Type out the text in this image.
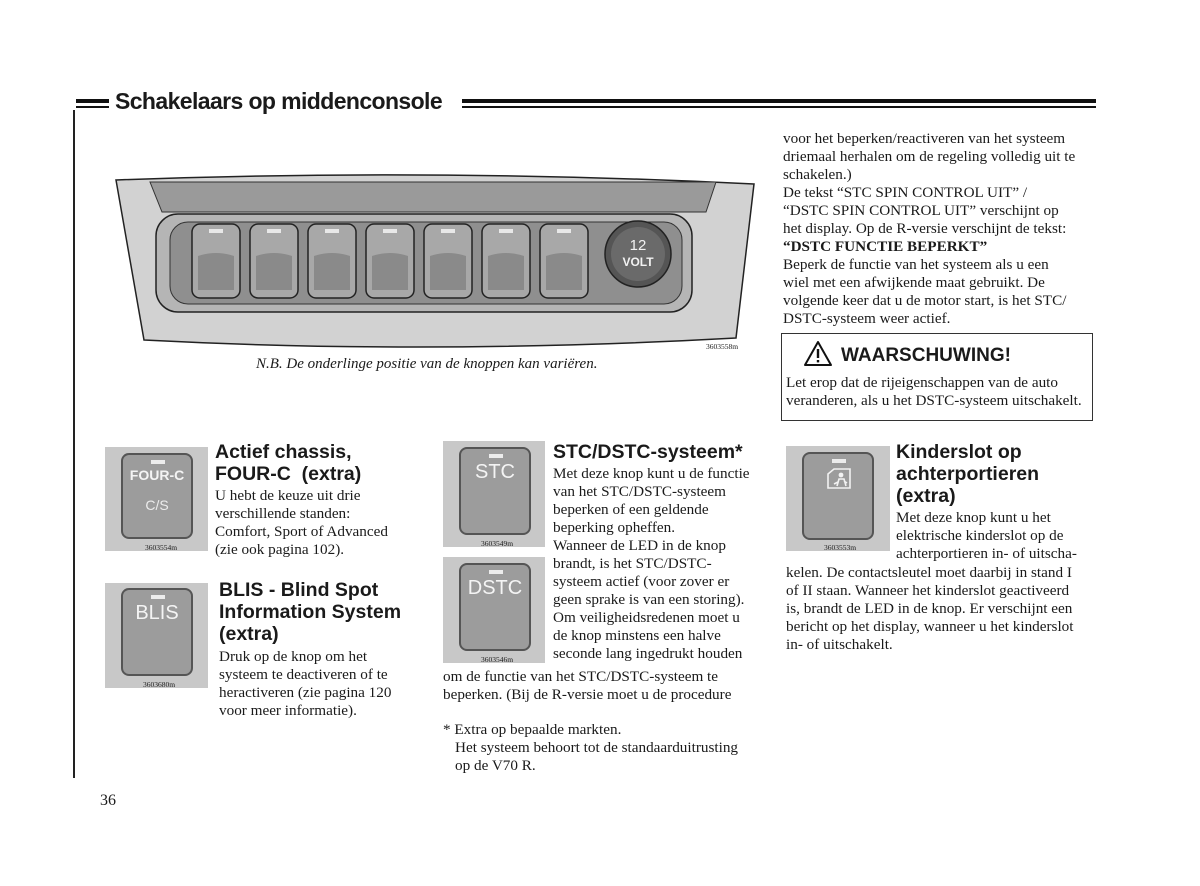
Schakelaars op middenconsole
12
VOLT
3603558m
N.B. De onderlinge positie van de knoppen kan variëren.
voor het beperken/reactiveren van het systeem
driemaal herhalen om de regeling volledig uit te
schakelen.)
De tekst “STC SPIN CONTROL UIT” /
“DSTC SPIN CONTROL UIT” verschijnt op
het display. Op de R-versie verschijnt de tekst:
“DSTC FUNCTIE BEPERKT”
Beperk de functie van het systeem als u een
wiel met een afwijkende maat gebruikt. De
volgende keer dat u de motor start, is het STC/
DSTC-systeem weer actief.
WAARSCHUWING!
Let erop dat de rijeigenschappen van de auto
veranderen, als u het DSTC-systeem uitschakelt.
FOUR-C
C/S
3603554m
Actief chassis,
FOUR-C  (extra)
U hebt de keuze uit drie
verschillende standen:
Comfort, Sport of Advanced
(zie ook pagina 102).
BLIS
3603680m
BLIS - Blind Spot
Information System
(extra)
Druk op de knop om het
systeem te deactiveren of te
heractiveren (zie pagina 120
voor meer informatie).
STC
3603549m
DSTC
3603546m
STC/DSTC-systeem*
Met deze knop kunt u de functie
van het STC/DSTC-systeem
beperken of een geldende
beperking opheffen.
Wanneer de LED in de knop
brandt, is het STC/DSTC-
systeem actief (voor zover er
geen sprake is van een storing).
Om veiligheidsredenen moet u
de knop minstens een halve
seconde lang ingedrukt houden
om de functie van het STC/DSTC-systeem te
beperken. (Bij de R-versie moet u de procedure
* Extra op bepaalde markten.
Het systeem behoort tot de standaarduitrusting
op de V70 R.
3603553m
Kinderslot op
achterportieren
(extra)
Met deze knop kunt u het
elektrische kinderslot op de
achterportieren in- of uitscha-
kelen. De contactsleutel moet daarbij in stand I
of II staan. Wanneer het kinderslot geactiveerd
is, brandt de LED in de knop. Er verschijnt een
bericht op het display, wanneer u het kinderslot
in- of uitschakelt.
36
